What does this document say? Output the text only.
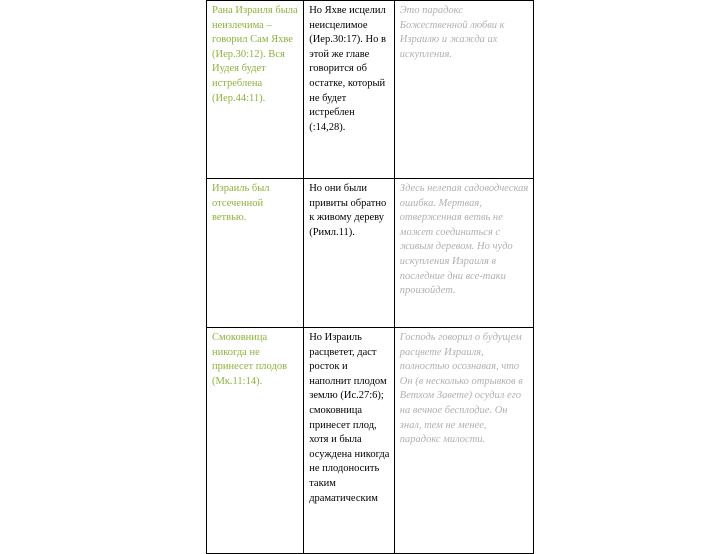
Рана Израиля была неизлечима – говорил Сам Яхве (Иер.30:12). Вся Иудея будет истреблена (Иер.44:11).	Но Яхве исцелил неисцелимое (Иер.30:17). Но в этой же главе говорится об остатке, который не будет истреблен (:14,28).	Это парадокс Божественной любви к Израилю и жажда их искупления.
Израиль был отсеченной ветвью.	Но они были привиты обратно к живому дереву (Римл.11).	Здесь нелепая садоводческая ошибка. Мертвая, отверженная ветвь не может соединиться с живым деревом. Но чудо искупления Израиля в последние дни все-таки произойдет.
Смоковница никогда не принесет плодов (Мк.11:14).	Но Израиль расцветет, даст росток и наполнит плодом землю (Ис.27:6); смоковница принесет плод, хотя и была осуждена никогда не плодоносить таким драматическим	Господь говорил о будущем расцвете Израиля, полностью осознавая, что Он (в несколько отрывков в Ветхом Завете) осудил его на вечное бесплодие. Он знал, тем не менее, парадокс милости.
